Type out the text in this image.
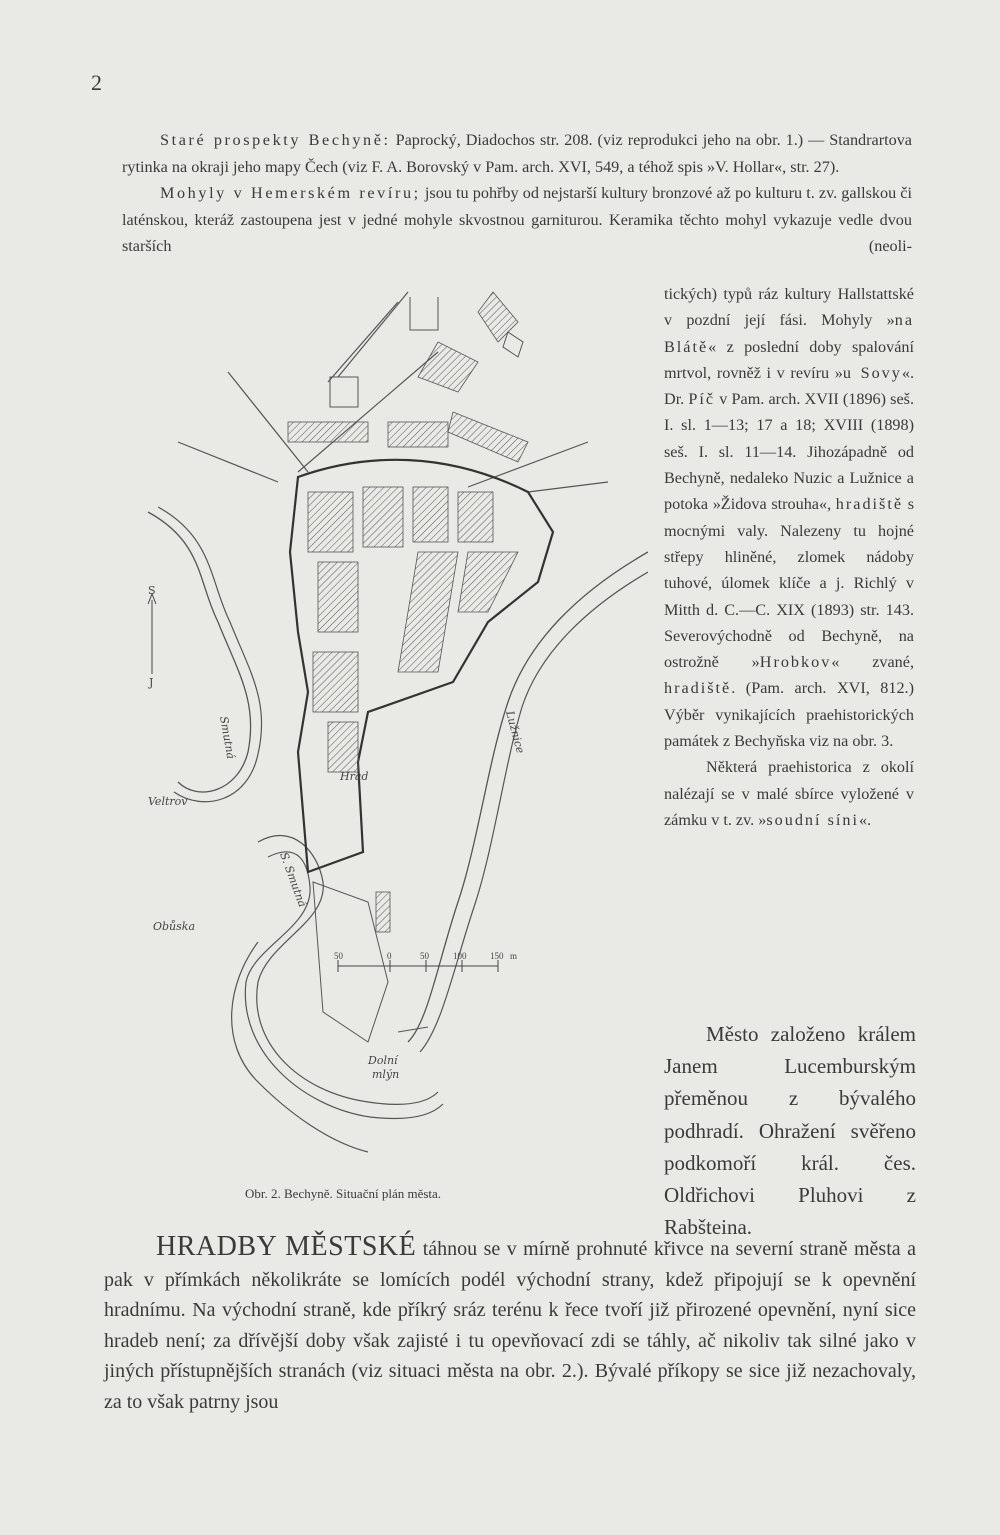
2

Staré prospekty Bechyně: Paprocký, Diadochos str. 208. (viz reprodukci jeho na obr. 1.) — Standrartova rytinka na okraji jeho mapy Čech (viz F. A. Borovský v Pam. arch. XVI, 549, a téhož spis »V. Hollar«, str. 27).

Mohyly v Hemerském revíru; jsou tu pohřby od nejstarší kultury bronzové až po kulturu t. zv. gallskou či laténskou, kteráž zastoupena jest v jedné mohyle skvostnou garniturou. Keramika těchto mohyl vykazuje vedle dvou starších (neoli-

tických) typů ráz kultury Hallstattské v pozdní její fási. Mohyly »na Blátě« z poslední doby spalování mrtvol, rovněž i v revíru »u Sovy«. Dr. Píč v Pam. arch. XVII (1896) seš. I. sl. 1—13; 17 a 18; XVIII (1898) seš. I. sl. 11—14. Jihozápadně od Bechyně, nedaleko Nuzic a Lužnice a potoka »Židova strouha«, hradiště s mocnými valy. Nalezeny tu hojné střepy hliněné, zlomek nádoby tuhové, úlomek klíče a j. Richlý v Mitth d. C.—C. XIX (1893) str. 143. Severovýchodně od Bechyně, na ostrožně »Hrobkov« zvané, hradiště. (Pam. arch. XVI, 812.) Výběr vynikajících praehistorických památek z Bechyňska viz na obr. 3.

Některá praehistorica z okolí nalézají se v malé sbírce vyložené v zámku v t. zv. »soudní síni«.

S
J
Hrad
Veltrov
Obůska
Smutná
S. Smutná
Lužnice
Dolní
mlýn
50	0	50	100	150 m
Obr. 2. Bechyně. Situační plán města.

Město založeno králem Janem Lucemburským přeměnou z bývalého podhradí. Ohražení svěřeno podkomoří král. čes. Oldřichovi Pluhovi z Rabšteina.

HRADBY MĚSTSKÉ táhnou se v mírně prohnuté křivce na severní straně města a pak v přímkách několikráte se lomících podél východní strany, kdež připojují se k opevnění hradnímu. Na východní straně, kde příkrý sráz terénu k řece tvoří již přirozené opevnění, nyní sice hradeb není; za dřívější doby však zajisté i tu opevňovací zdi se táhly, ač nikoliv tak silné jako v jiných přístupnějších stranách (viz situaci města na obr. 2.). Bývalé příkopy se sice již nezachovaly, za to však patrny jsou
